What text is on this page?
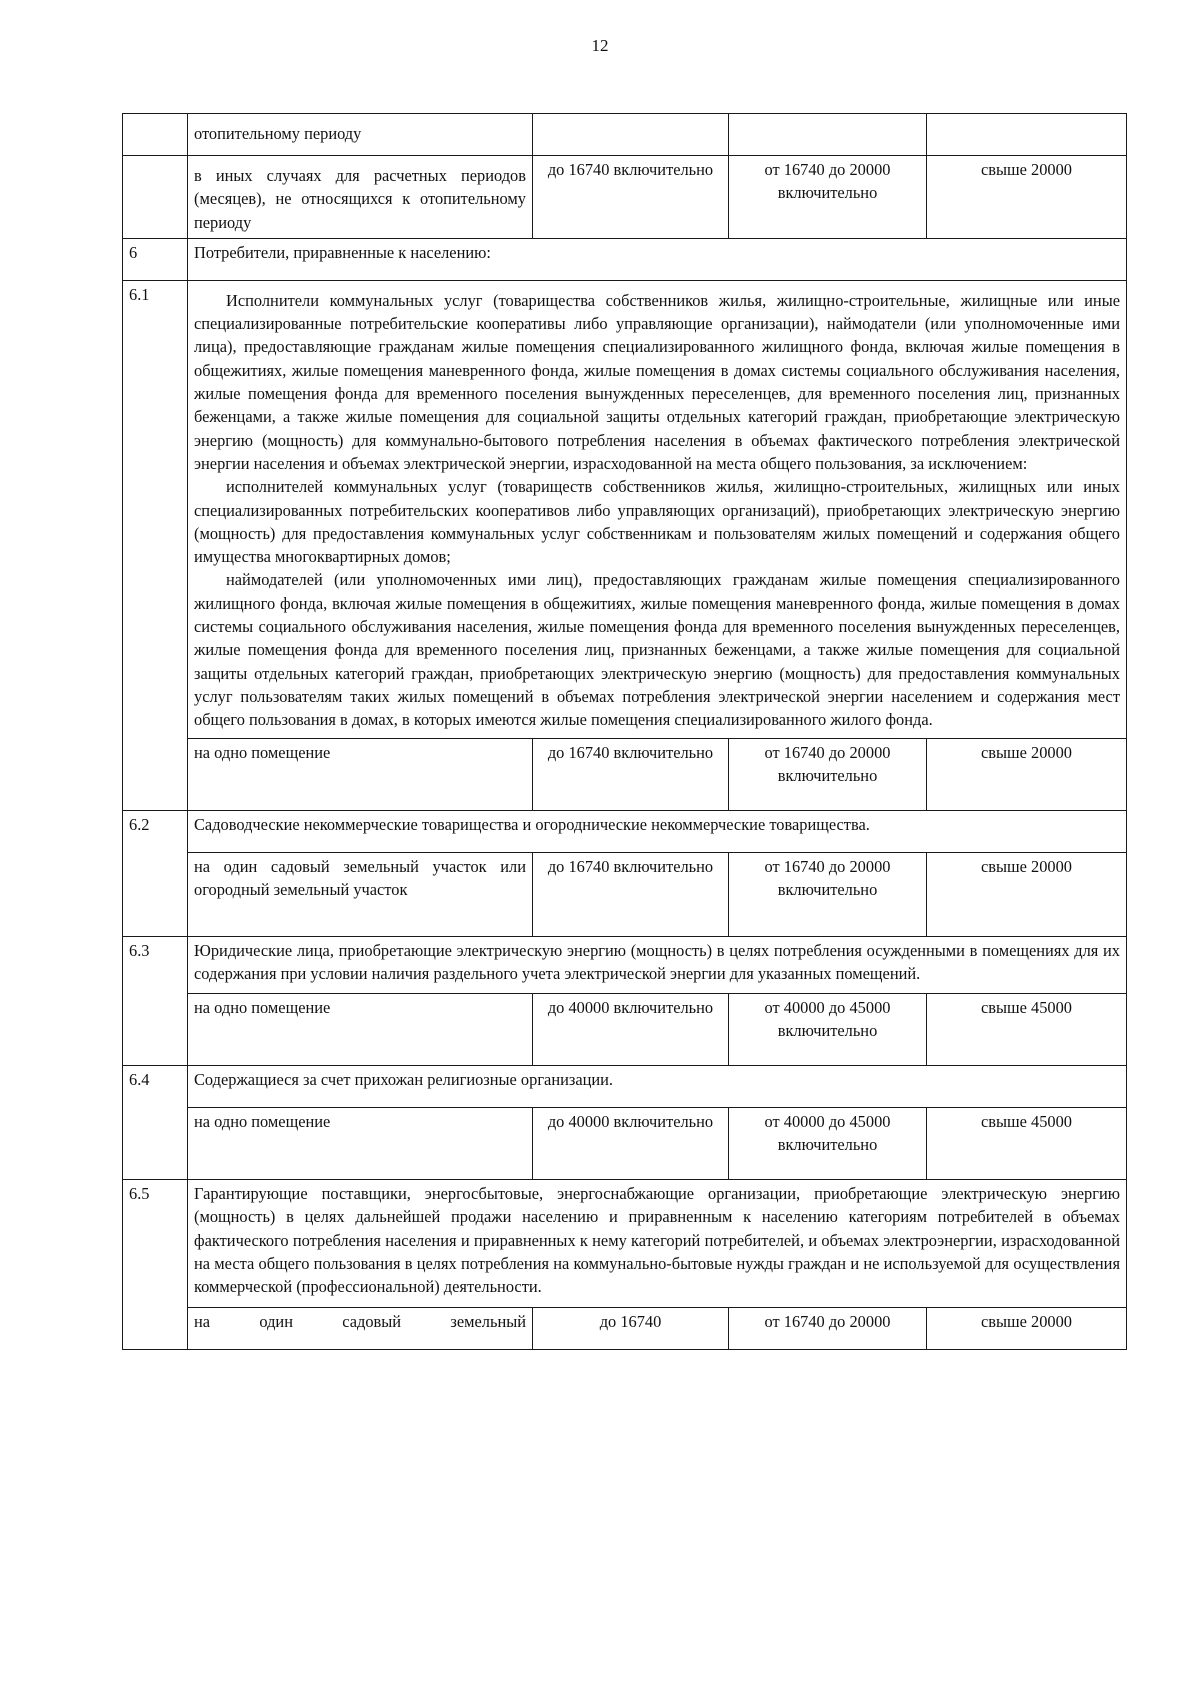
12
	отопительному периоду			
	в иных случаях для расчетных периодов (месяцев), не относящихся к отопительному периоду	до 16740 включительно	от 16740 до 20000 включительно	свыше 20000
6	Потребители, приравненные к населению:			
6.1	Исполнители коммунальных услуг (товарищества собственников жилья, жилищно-строительные, жилищные или иные специализированные потребительские кооперативы либо управляющие организации), наймодатели (или уполномоченные ими лица), предоставляющие гражданам жилые помещения специализированного жилищного фонда, включая жилые помещения в общежитиях, жилые помещения маневренного фонда, жилые помещения в домах системы социального обслуживания населения, жилые помещения фонда для временного поселения вынужденных переселенцев, для временного поселения лиц, признанных беженцами, а также жилые помещения для социальной защиты отдельных категорий граждан, приобретающие электрическую энергию (мощность) для коммунально-бытового потребления населения в объемах фактического потребления электрической энергии населения и объемах электрической энергии, израсходованной на места общего пользования, за исключением:

исполнителей коммунальных услуг (товариществ собственников жилья, жилищно-строительных, жилищных или иных специализированных потребительских кооперативов либо управляющих организаций), приобретающих электрическую энергию (мощность) для предоставления коммунальных услуг собственникам и пользователям жилых помещений и содержания общего имущества многоквартирных домов;

наймодателей (или уполномоченных ими лиц), предоставляющих гражданам жилые помещения специализированного жилищного фонда, включая жилые помещения в общежитиях, жилые помещения маневренного фонда, жилые помещения в домах системы социального обслуживания населения, жилые помещения фонда для временного поселения вынужденных переселенцев, жилые помещения фонда для временного поселения лиц, признанных беженцами, а также жилые помещения для социальной защиты отдельных категорий граждан, приобретающих электрическую энергию (мощность) для предоставления коммунальных услуг пользователям таких жилых помещений в объемах потребления электрической энергии населением и содержания мест общего пользования в домах, в которых имеются жилые помещения специализированного жилого фонда.			

	на одно помещение	до 16740 включительно	от 16740 до 20000 включительно	свыше 20000
6.2	Садоводческие некоммерческие товарищества и огороднические некоммерческие товарищества.			
	на один садовый земельный участок или огородный земельный участок	до 16740 включительно	от 16740 до 20000 включительно	свыше 20000
6.3	Юридические лица, приобретающие электрическую энергию (мощность) в целях потребления осужденными в помещениях для их содержания при условии наличия раздельного учета электрической энергии для указанных помещений.			
	на одно помещение	до 40000 включительно	от 40000 до 45000 включительно	свыше 45000
6.4	Содержащиеся за счет прихожан религиозные организации.			
	на одно помещение	до 40000 включительно	от 40000 до 45000 включительно	свыше 45000
6.5	Гарантирующие поставщики, энергосбытовые, энергоснабжающие организации, приобретающие электрическую энергию (мощность) в целях дальнейшей продажи населению и приравненным к населению категориям потребителей в объемах фактического потребления населения и приравненных к нему категорий потребителей, и объемах электроэнергии, израсходованной на места общего пользования в целях потребления на коммунально-бытовые нужды граждан и не используемой для осуществления коммерческой (профессиональной) деятельности.			
	на один садовый земельный	до 16740	от 16740 до 20000	свыше 20000
